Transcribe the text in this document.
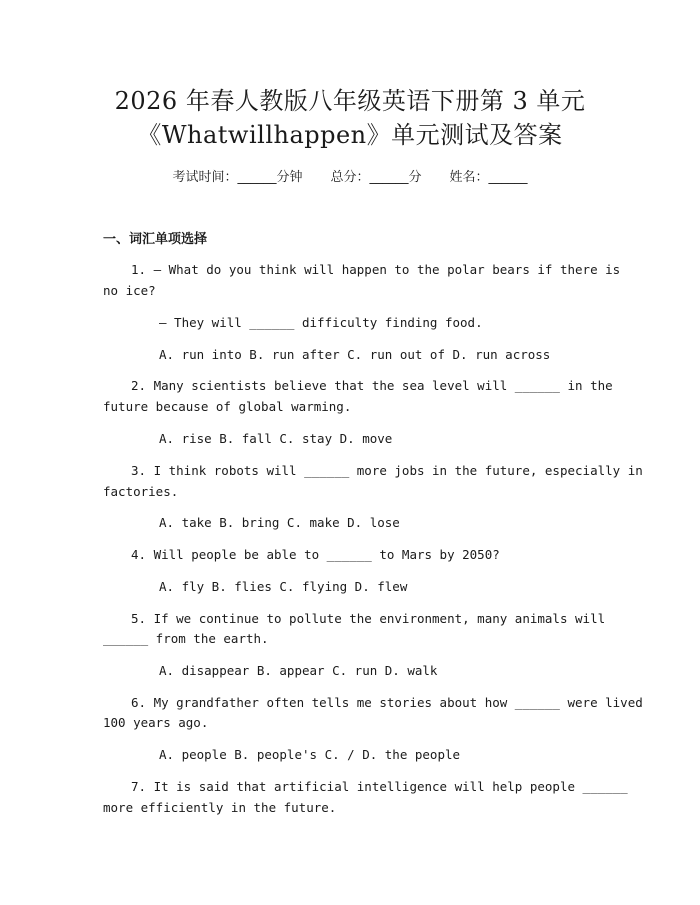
2026 年春人教版八年级英语下册第 3 单元
《Whatwillhappen》单元测试及答案
考试时间：______分钟 总分：______分 姓名：______
一、词汇单项选择
1. — What do you think will happen to the polar bears if there is
no ice?
— They will ______ difficulty finding food.
A. run into B. run after C. run out of D. run across
2. Many scientists believe that the sea level will ______ in the
future because of global warming.
A. rise B. fall C. stay D. move
3. I think robots will ______ more jobs in the future, especially in
factories.
A. take B. bring C. make D. lose
4. Will people be able to ______ to Mars by 2050?
A. fly B. flies C. flying D. flew
5. If we continue to pollute the environment, many animals will
______ from the earth.
A. disappear B. appear C. run D. walk
6. My grandfather often tells me stories about how ______ were lived
100 years ago.
A. people B. people's C. / D. the people
7. It is said that artificial intelligence will help people ______
more efficiently in the future.
